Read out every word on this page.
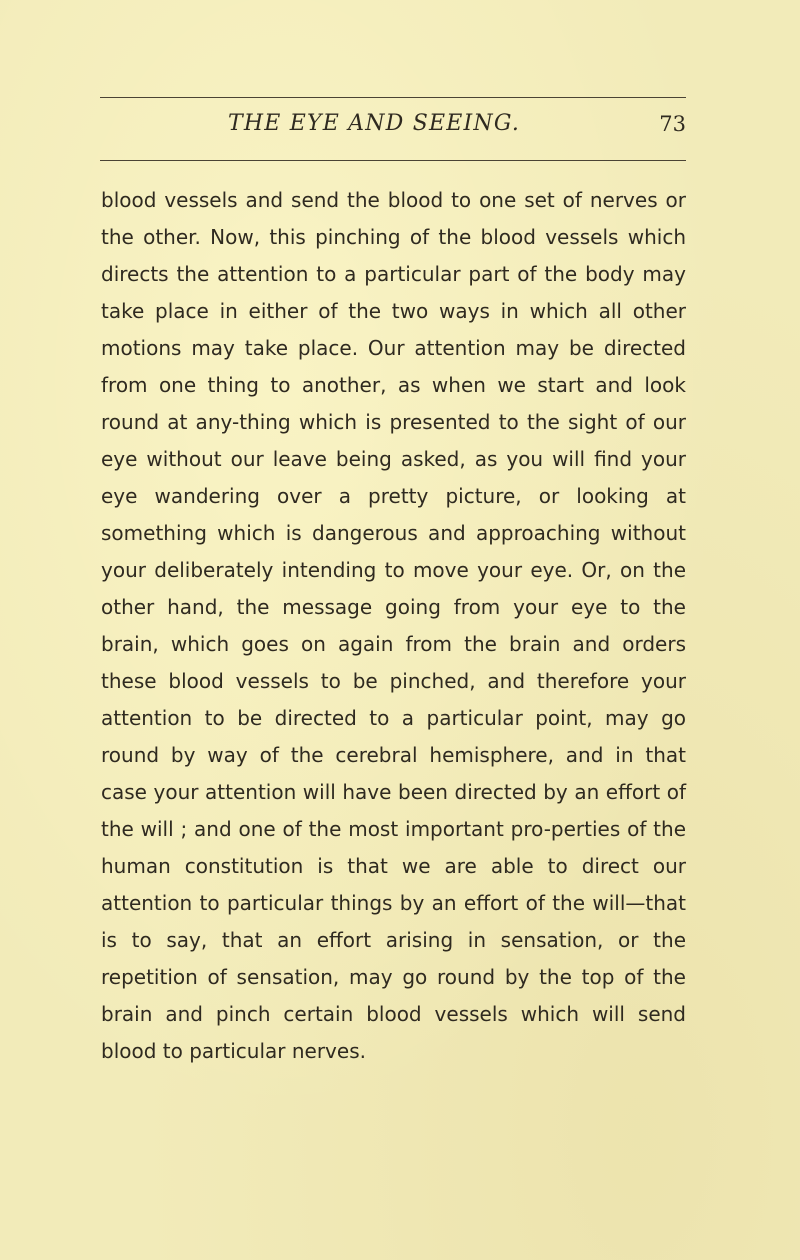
THE EYE AND SEEING.	73

blood vessels and send the blood to one set of nerves or the other. Now, this pinching of the blood vessels which directs the attention to a particular part of the body may take place in either of the two ways in which all other motions may take place. Our attention may be directed from one thing to another, as when we start and look round at any-thing which is presented to the sight of our eye without our leave being asked, as you will find your eye wandering over a pretty picture, or looking at something which is dangerous and approaching without your deliberately intending to move your eye. Or, on the other hand, the message going from your eye to the brain, which goes on again from the brain and orders these blood vessels to be pinched, and therefore your attention to be directed to a particular point, may go round by way of the cerebral hemisphere, and in that case your attention will have been directed by an effort of the will ; and one of the most important pro-perties of the human constitution is that we are able to direct our attention to particular things by an effort of the will—that is to say, that an effort arising in sensation, or the repetition of sensation, may go round by the top of the brain and pinch certain blood vessels which will send blood to particular nerves.
